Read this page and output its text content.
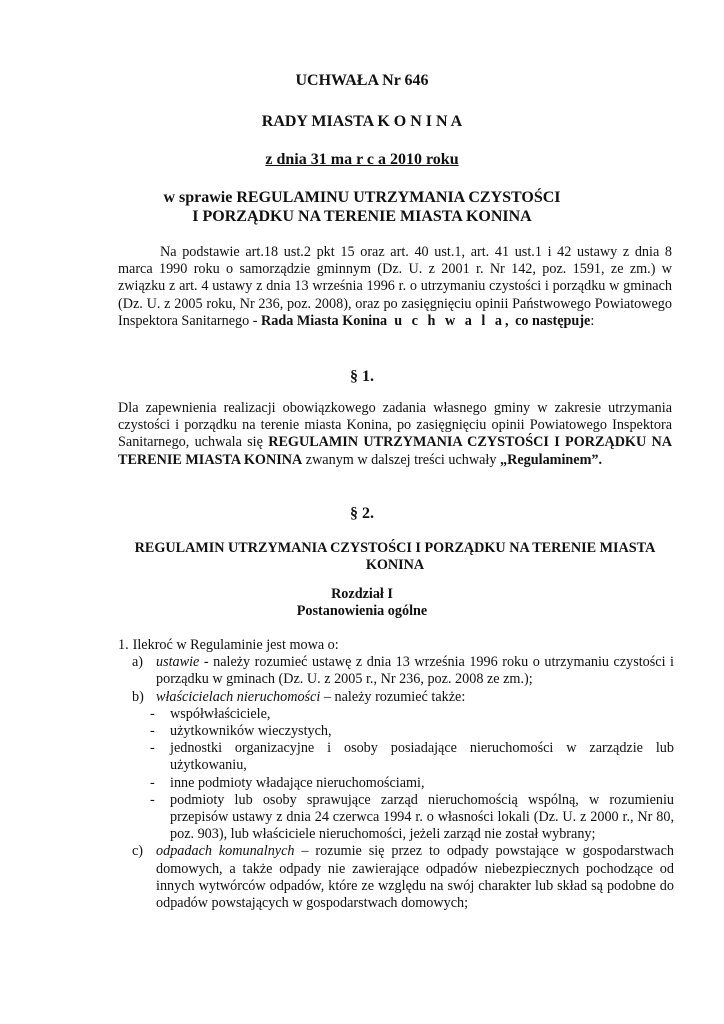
UCHWAŁA Nr 646
RADY MIASTA K O N I N A
z dnia 31 ma r c a 2010 roku
w sprawie REGULAMINU UTRZYMANIA CZYSTOŚCI
I PORZĄDKU NA TERENIE MIASTA KONINA
Na podstawie art.18 ust.2 pkt 15 oraz art. 40 ust.1, art. 41 ust.1 i 42 ustawy z dnia 8 marca 1990 roku o samorządzie gminnym (Dz. U. z 2001 r. Nr 142, poz. 1591, ze zm.) w związku z art. 4 ustawy z dnia 13 września 1996 r. o utrzymaniu czystości i porządku w gminach (Dz. U. z 2005 roku, Nr 236, poz. 2008), oraz po zasięgnięciu opinii Państwowego Powiatowego Inspektora Sanitarnego - Rada Miasta Konina u c h w a l a, co następuje:
§ 1.
Dla zapewnienia realizacji obowiązkowego zadania własnego gminy w zakresie utrzymania czystości i porządku na terenie miasta Konina, po zasięgnięciu opinii Powiatowego Inspektora Sanitarnego, uchwala się REGULAMIN UTRZYMANIA CZYSTOŚCI I PORZĄDKU NA TERENIE MIASTA KONINA zwanym w dalszej treści uchwały „Regulaminem”.
§ 2.
REGULAMIN UTRZYMANIA CZYSTOŚCI I PORZĄDKU NA TERENIE MIASTA KONINA
Rozdział I
Postanowienia ogólne
1. Ilekroć w Regulaminie jest mowa o:
a) ustawie - należy rozumieć ustawę z dnia 13 września 1996 roku o utrzymaniu czystości i porządku w gminach (Dz. U. z 2005 r., Nr 236, poz. 2008 ze zm.);
b) właścicielach nieruchomości – należy rozumieć także:
-	współwłaściciele,
-	użytkowników wieczystych,
-	jednostki organizacyjne i osoby posiadające nieruchomości w zarządzie lub użytkowaniu,
-	inne podmioty władające nieruchomościami,
-	podmioty lub osoby sprawujące zarząd nieruchomością wspólną, w rozumieniu przepisów ustawy z dnia 24 czerwca 1994 r. o własności lokali (Dz. U. z 2000 r., Nr 80, poz. 903), lub właściciele nieruchomości, jeżeli zarząd nie został wybrany;
c) odpadach komunalnych – rozumie się przez to odpady powstające w gospodarstwach domowych, a także odpady nie zawierające odpadów niebezpiecznych pochodzące od innych wytwórców odpadów, które ze względu na swój charakter lub skład są podobne do odpadów powstających w gospodarstwach domowych;
